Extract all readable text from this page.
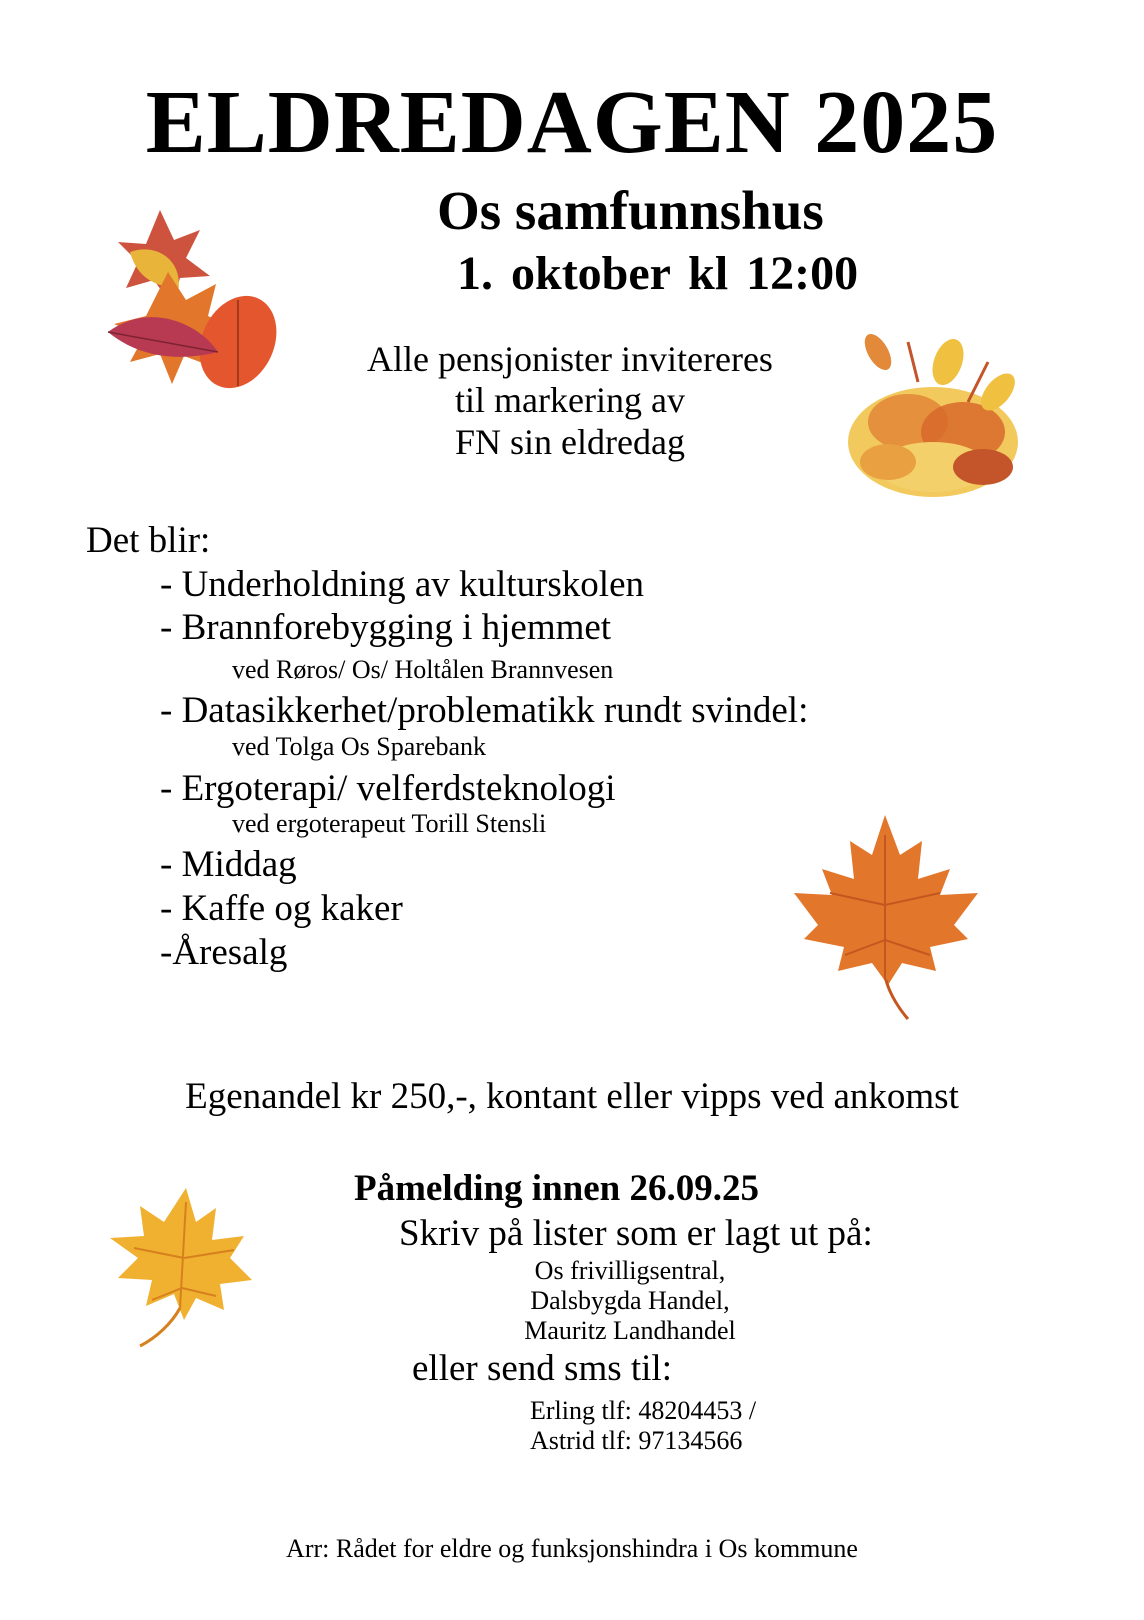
ELDREDAGEN 2025
Os samfunnshus
1. oktober kl 12:00
Alle pensjonister invitereres
til markering av
FN sin eldredag
Det blir:
- Underholdning av kulturskolen
- Brannforebygging i hjemmet
ved Røros/ Os/ Holtålen Brannvesen
- Datasikkerhet/problematikk rundt svindel:
ved Tolga Os Sparebank
- Ergoterapi/ velferdsteknologi
ved ergoterapeut Torill Stensli
- Middag
- Kaffe og kaker
-Åresalg
Egenandel kr 250,-, kontant eller vipps ved ankomst
Påmelding innen 26.09.25
Skriv på lister som er lagt ut på:
Os frivilligsentral,
Dalsbygda Handel,
Mauritz Landhandel
eller send sms til:
Erling tlf: 48204453 /
Astrid tlf: 97134566
Arr: Rådet for eldre og funksjonshindra i Os kommune
